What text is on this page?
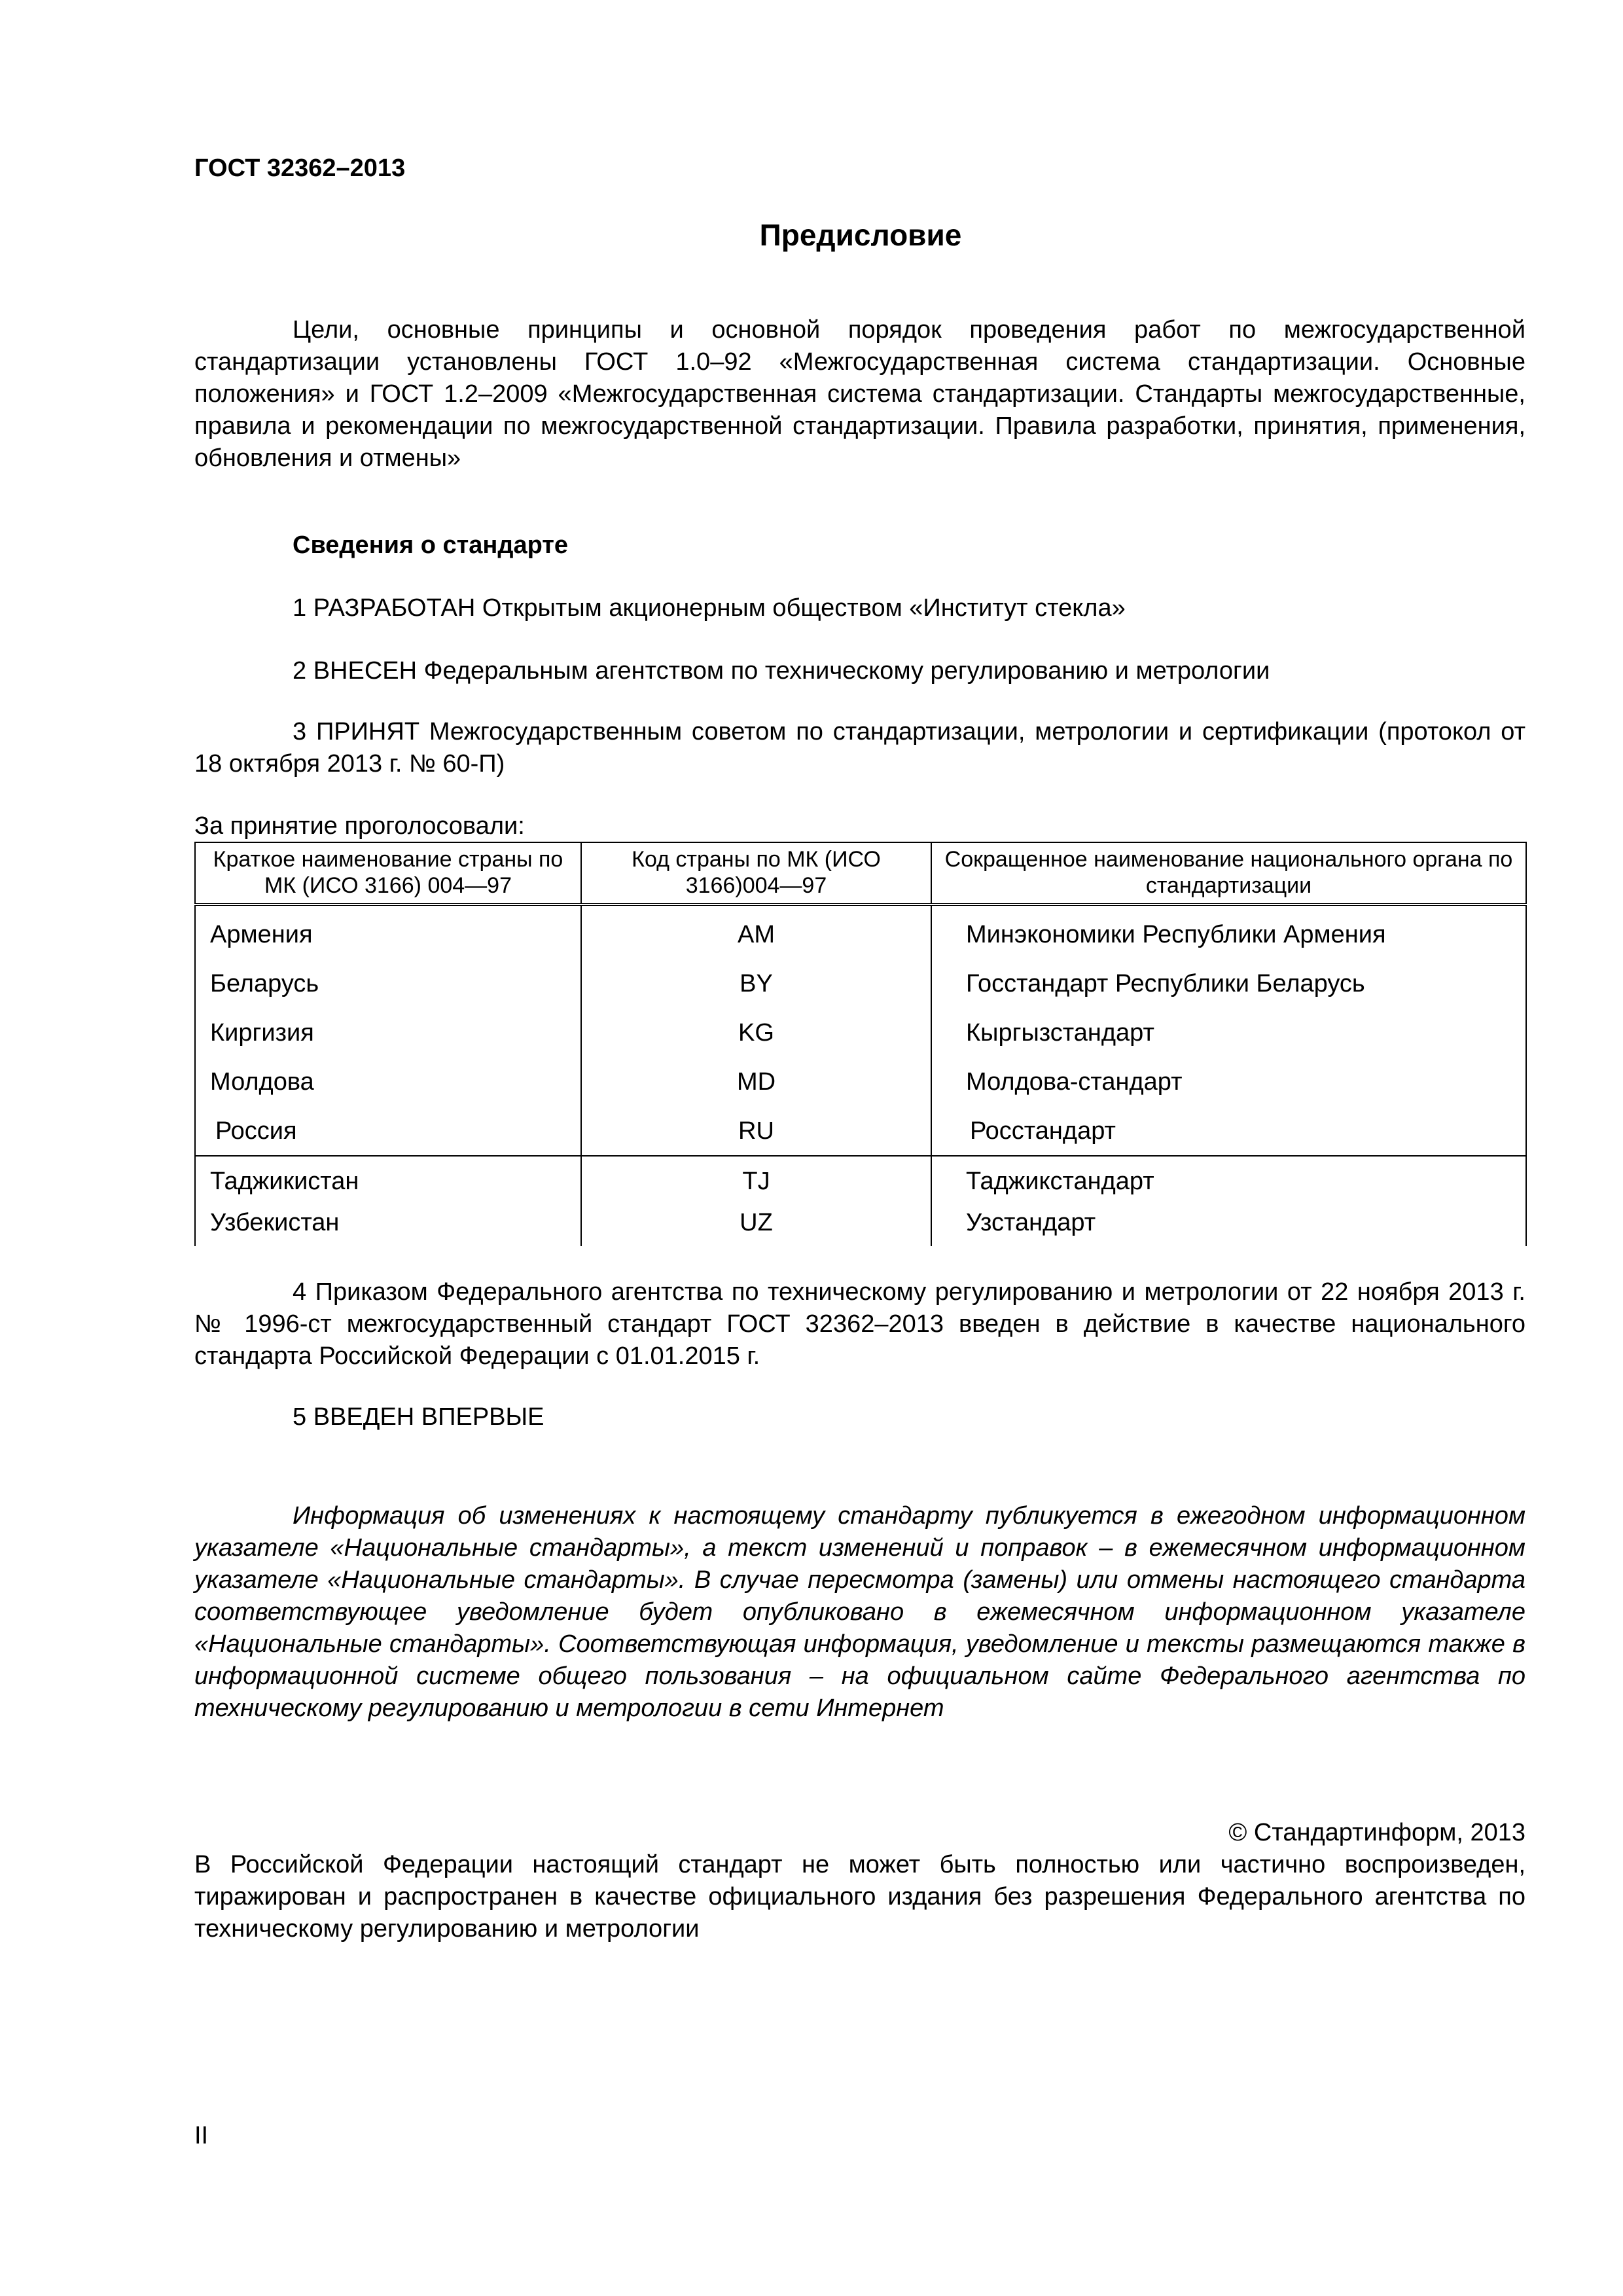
ГОСТ 32362–2013
Предисловие
Цели, основные принципы и основной порядок проведения работ по межгосударственной стандартизации установлены ГОСТ 1.0–92 «Межгосударственная система стандартизации. Основные положения» и ГОСТ 1.2–2009 «Межгосударственная система стандартизации. Стандарты межгосударственные, правила и рекомендации по межгосударственной стандартизации. Правила разработки, принятия, применения, обновления и отмены»
Сведения о стандарте
1 РАЗРАБОТАН Открытым акционерным обществом «Институт стекла»
2 ВНЕСЕН Федеральным агентством по техническому регулированию и метрологии
3 ПРИНЯТ Межгосударственным советом по стандартизации, метрологии и сертификации (протокол от 18 октября 2013 г. № 60-П)
За принятие проголосовали:
Краткое наименование страны по МК (ИСО 3166) 004—97	Код страны по МК (ИСО 3166)004—97	Сокращенное наименование национального органа по стандартизации
Армения	AM	Минэкономики Республики Армения
Беларусь	BY	Госстандарт Республики Беларусь
Киргизия	KG	Кыргызстандарт
Молдова	MD	Молдова-стандарт
Россия	RU	Росстандарт
Таджикистан	TJ	Таджикстандарт
Узбекистан	UZ	Узстандарт
4 Приказом Федерального агентства по техническому регулированию и метрологии от 22 ноября 2013 г. № 1996-ст межгосударственный стандарт ГОСТ 32362–2013 введен в действие в качестве национального стандарта Российской Федерации с 01.01.2015 г.
5 ВВЕДЕН ВПЕРВЫЕ
Информация об изменениях к настоящему стандарту публикуется в ежегодном информационном указателе «Национальные стандарты», а текст изменений и поправок – в ежемесячном информационном указателе «Национальные стандарты». В случае пересмотра (замены) или отмены настоящего стандарта соответствующее уведомление будет опубликовано в ежемесячном информационном указателе «Национальные стандарты». Соответствующая информация, уведомление и тексты размещаются также в информационной системе общего пользования – на официальном сайте Федерального агентства по техническому регулированию и метрологии в сети Интернет
© Стандартинформ, 2013
В Российской Федерации настоящий стандарт не может быть полностью или частично воспроизведен, тиражирован и распространен в качестве официального издания без разрешения Федерального агентства по техническому регулированию и метрологии
II
